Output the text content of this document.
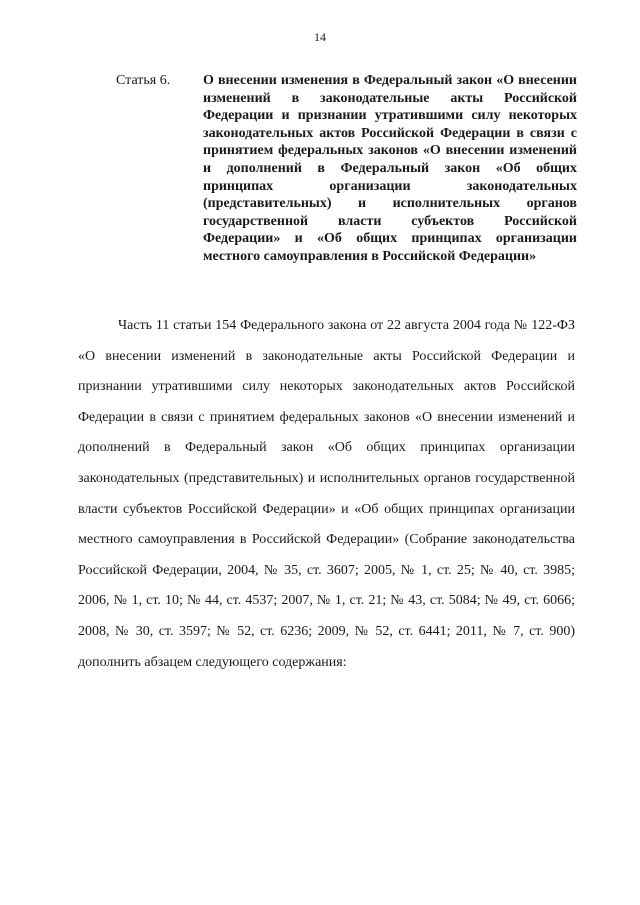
14
Статья 6. О внесении изменения в Федеральный закон «О внесении изменений в законодательные акты Российской Федерации и признании утратившими силу некоторых законодательных актов Российской Федерации в связи с принятием федеральных законов «О внесении изменений и дополнений в Федеральный закон «Об общих принципах организации законодательных (представительных) и исполнительных органов государственной власти субъектов Российской Федерации» и «Об общих принципах организации местного самоуправления в Российской Федерации»

Часть 11 статьи 154 Федерального закона от 22 августа 2004 года № 122-ФЗ «О внесении изменений в законодательные акты Российской Федерации и признании утратившими силу некоторых законодательных актов Российской Федерации в связи с принятием федеральных законов «О внесении изменений и дополнений в Федеральный закон «Об общих принципах организации законодательных (представительных) и исполнительных органов государственной власти субъектов Российской Федерации» и «Об общих принципах организации местного самоуправления в Российской Федерации» (Собрание законодательства Российской Федерации, 2004, № 35, ст. 3607; 2005, № 1, ст. 25; № 40, ст. 3985; 2006, № 1, ст. 10; № 44, ст. 4537; 2007, № 1, ст. 21; № 43, ст. 5084; № 49, ст. 6066; 2008, № 30, ст. 3597; № 52, ст. 6236; 2009, № 52, ст. 6441; 2011, № 7, ст. 900) дополнить абзацем следующего содержания:
